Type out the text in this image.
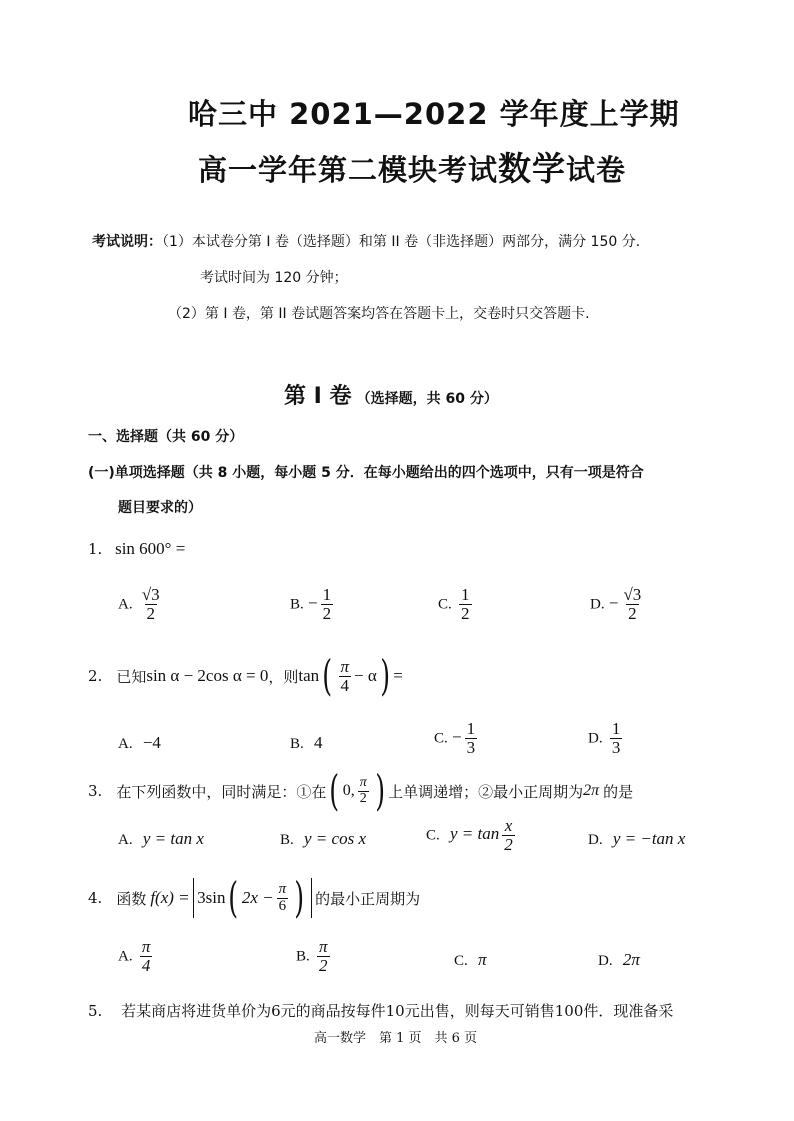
哈三中 2021—2022 学年度上学期
高一学年第二模块考试数学试卷
考试说明：（1）本试卷分第 I 卷（选择题）和第 II 卷（非选择题）两部分，满分 150 分.
考试时间为 120 分钟；
（2）第 I 卷，第 II 卷试题答案均答在答题卡上，交卷时只交答题卡.
第 I 卷 （选择题，共 60 分）
一、选择题（共 60 分）
(一)单项选择题（共 8 小题，每小题 5 分．在每小题给出的四个选项中，只有一项是符合
题目要求的）
1. sin 600° =
A. $\frac{√3}{2}$	B. − $\frac{1}{2}$	C. $\frac{1}{2}$	D. − $\frac{√3}{2}$
2. 已知 sin α − 2cos α = 0 ，则 tan ( $\frac{\pi}{4} - \alpha$ ) =
A. −4	B. 4	C. − $\frac{1}{3}$	D. $\frac{1}{3}$
3. 在下列函数中，同时满足：①在 ( 0, $\frac{\pi}{2}$ ) 上单调递增；②最小正周期为 2π 的是
A. y = tan x	B. y = cos x	C. $y = \tan \frac{x}{2}$	D. y = −tan x
4. 函数 f(x) = 3sin ( $2x - \frac{\pi}{6}$ ) 的最小正周期为
A. $\frac{\pi}{4}$	B. $\frac{\pi}{2}$	C. π	D. 2π
5. 若某商店将进货单价为6元的商品按每件10元出售，则每天可销售100件．现准备采
高一数学　第 1 页　共 6 页
